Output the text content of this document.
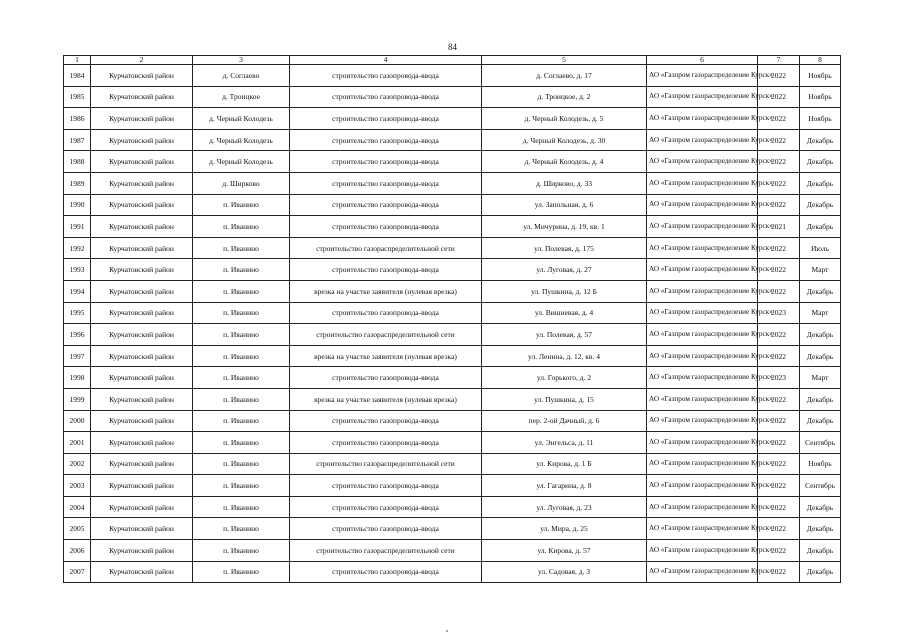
84
1	2	3	4	5	6	7	8
1984	Курчатовский район	д. Соглаево	строительство газопровода-ввода	д. Соглаево, д. 17	АО «Газпром газораспределение Курск»	2022	Ноябрь
1985	Курчатовский район	д. Троицкое	строительство газопровода-ввода	д. Троицкое, д. 2	АО «Газпром газораспределение Курск»	2022	Ноябрь
1986	Курчатовский район	д. Черный Колодезь	строительство газопровода-ввода	д. Черный Колодезь, д. 5	АО «Газпром газораспределение Курск»	2022	Ноябрь
1987	Курчатовский район	д. Черный Колодезь	строительство газопровода-ввода	д. Черный Колодезь, д. 30	АО «Газпром газораспределение Курск»	2022	Декабрь
1988	Курчатовский район	д. Черный Колодезь	строительство газопровода-ввода	д. Черный Колодезь, д. 4	АО «Газпром газораспределение Курск»	2022	Декабрь
1989	Курчатовский район	д. Ширково	строительство газопровода-ввода	д. Ширково, д. 33	АО «Газпром газораспределение Курск»	2022	Декабрь
1990	Курчатовский район	п. Иванино	строительство газопровода-ввода	ул. Запольная, д. 6	АО «Газпром газораспределение Курск»	2022	Декабрь
1991	Курчатовский район	п. Иванино	строительство газопровода-ввода	ул. Мичурина, д. 19, кв. 1	АО «Газпром газораспределение Курск»	2021	Декабрь
1992	Курчатовский район	п. Иванино	строительство газораспределительной сети	ул. Полевая, д. 175	АО «Газпром газораспределение Курск»	2022	Июль
1993	Курчатовский район	п. Иванино	строительство газопровода-ввода	ул. Луговая, д. 27	АО «Газпром газораспределение Курск»	2022	Март
1994	Курчатовский район	п. Иванино	врезка на участке заявителя (нулевая врезка)	ул. Пушкина, д. 12 Б	АО «Газпром газораспределение Курск»	2022	Декабрь
1995	Курчатовский район	п. Иванино	строительство газопровода-ввода	ул. Вишневая, д. 4	АО «Газпром газораспределение Курск»	2023	Март
1996	Курчатовский район	п. Иванино	строительство газораспределительной сети	ул. Полевая, д. 57	АО «Газпром газораспределение Курск»	2022	Декабрь
1997	Курчатовский район	п. Иванино	врезка на участке заявителя (нулевая врезка)	ул. Ленина, д. 12, кв. 4	АО «Газпром газораспределение Курск»	2022	Декабрь
1998	Курчатовский район	п. Иванино	строительство газопровода-ввода	ул. Горького, д. 2	АО «Газпром газораспределение Курск»	2023	Март
1999	Курчатовский район	п. Иванино	врезка на участке заявителя (нулевая врезка)	ул. Пушкина, д. 15	АО «Газпром газораспределение Курск»	2022	Декабрь
2000	Курчатовский район	п. Иванино	строительство газопровода-ввода	пер. 2-ой Дачный, д. 6	АО «Газпром газораспределение Курск»	2022	Декабрь
2001	Курчатовский район	п. Иванино	строительство газопровода-ввода	ул. Энгельса, д. 11	АО «Газпром газораспределение Курск»	2022	Сентябрь
2002	Курчатовский район	п. Иванино	строительство газораспределительной сети	ул. Кирова, д. 1 Б	АО «Газпром газораспределение Курск»	2022	Ноябрь
2003	Курчатовский район	п. Иванино	строительство газопровода-ввода	ул. Гагарина, д. 8	АО «Газпром газораспределение Курск»	2022	Сентябрь
2004	Курчатовский район	п. Иванино	строительство газопровода-ввода	ул. Луговая, д. 23	АО «Газпром газораспределение Курск»	2022	Декабрь
2005	Курчатовский район	п. Иванино	строительство газопровода-ввода	ул. Мира, д. 25	АО «Газпром газораспределение Курск»	2022	Декабрь
2006	Курчатовский район	п. Иванино	строительство газораспределительной сети	ул. Кирова, д. 57	АО «Газпром газораспределение Курск»	2022	Декабрь
2007	Курчатовский район	п. Иванино	строительство газопровода-ввода	ул. Садовая, д. 3	АО «Газпром газораспределение Курск»	2022	Декабрь
